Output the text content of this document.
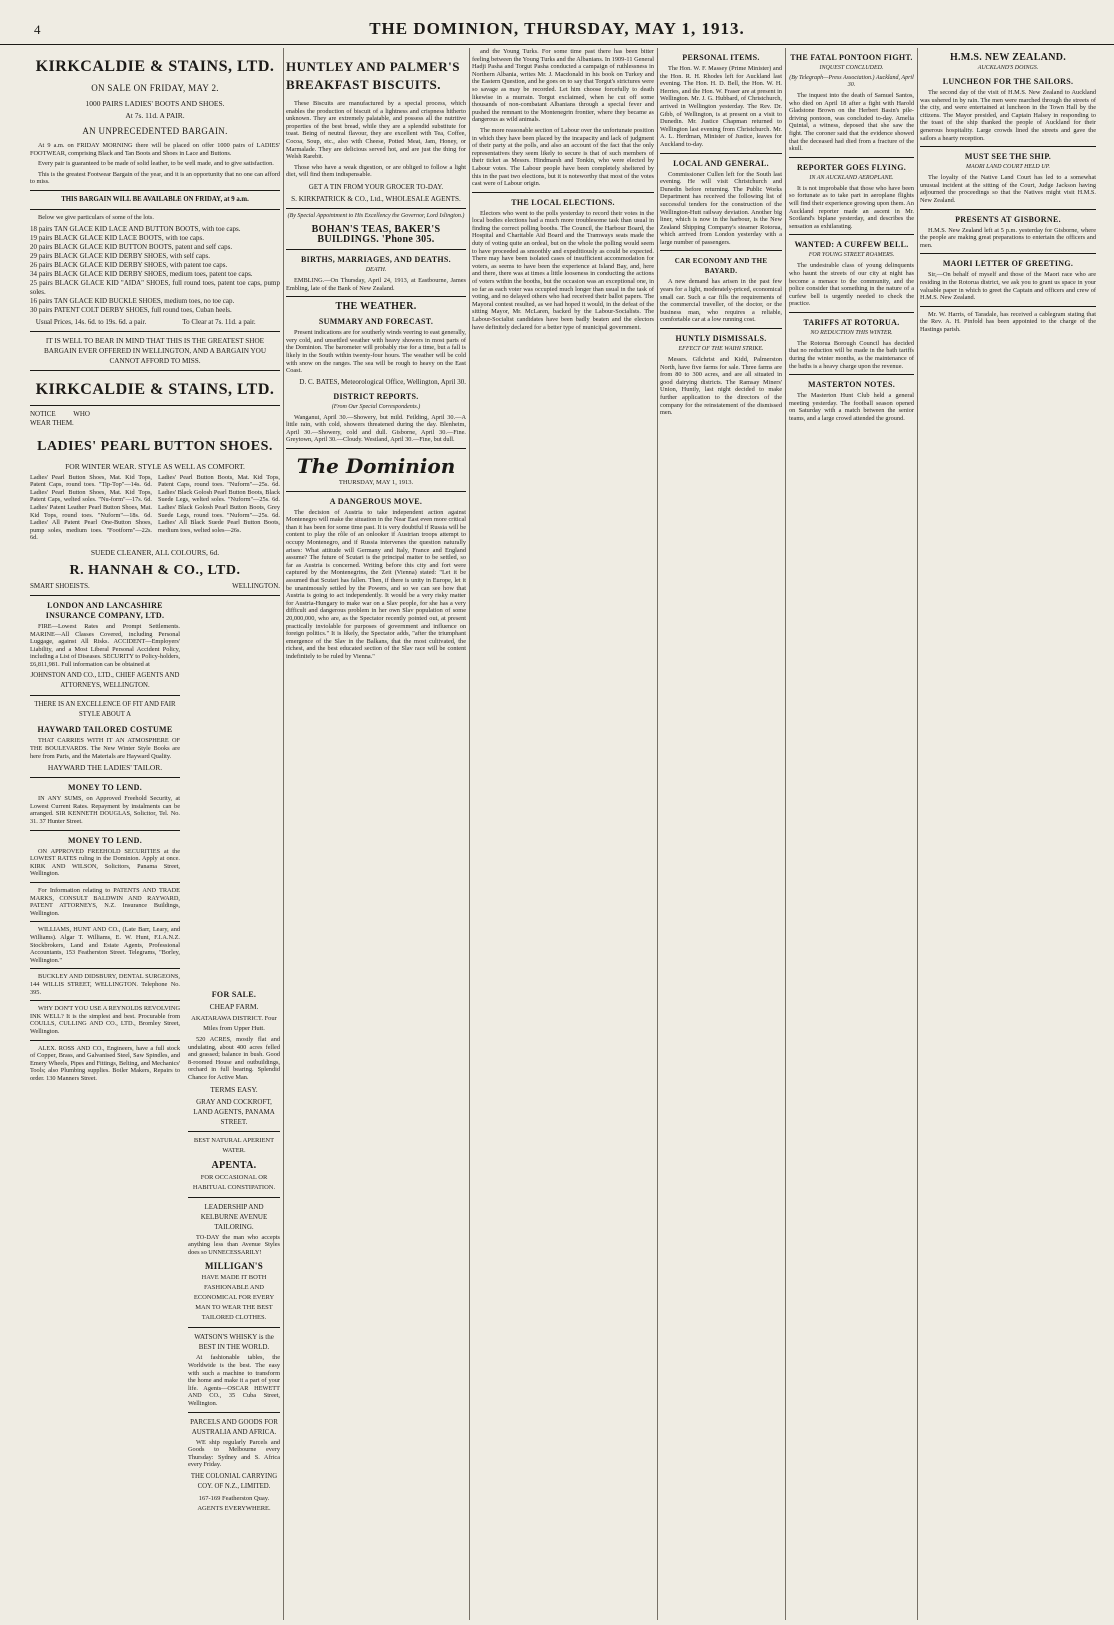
4	THE DOMINION, THURSDAY, MAY 1, 1913.
KIRKCALDIE & STAINS, LTD.
ON SALE ON FRIDAY, MAY 2.
1000 PAIRS LADIES' BOOTS AND SHOES.
At 7s. 11d. A PAIR.
AN UNPRECEDENTED BARGAIN.

At 9 a.m. on FRIDAY MORNING there will be placed on offer 1000 pairs of LADIES' FOOTWEAR, comprising Black and Tan Boots and Shoes in Lace and Buttons.

Every pair is guaranteed to be made of solid leather, to be well made, and to give satisfaction.

This is the greatest Footwear Bargain of the year, and it is an opportunity that no one can afford to miss.

THIS BARGAIN WILL BE AVAILABLE ON FRIDAY, at 9 a.m.

Below we give particulars of some of the lots.

18 pairs TAN GLACE KID LACE AND BUTTON BOOTS, with toe caps.
19 pairs BLACK GLACE KID LACE BOOTS, with toe caps.
20 pairs BLACK GLACE KID BUTTON BOOTS, patent and self caps.
29 pairs BLACK GLACE KID DERBY SHOES, with self caps.
26 pairs BLACK GLACE KID DERBY SHOES, with patent toe caps.
34 pairs BLACK GLACE KID DERBY SHOES, medium toes, patent toe caps.
25 pairs BLACK GLACE KID "AIDA" SHOES, full round toes, patent toe caps, pump soles.
16 pairs TAN GLACE KID BUCKLE SHOES, medium toes, no toe cap.
30 pairs PATENT COLT DERBY SHOES, full round toes, Cuban heels.
Usual Prices, 14s. 6d. to 19s. 6d. a pair.	To Clear at 7s. 11d. a pair.
IT IS WELL TO BEAR IN MIND THAT THIS IS THE GREATEST SHOE BARGAIN EVER OFFERED IN WELLINGTON, AND A BARGAIN YOU CANNOT AFFORD TO MISS.
KIRKCALDIE & STAINS, LTD.
NOTICE WHO WEAR THEM.
LADIES' PEARL BUTTON SHOES.
FOR WINTER WEAR. STYLE AS WELL AS COMFORT.
Ladies' Pearl Button Shoes, Mat. Kid Tops, Patent Caps, round toes. "Tip-Top"—14s. 6d. Ladies' Pearl Button Shoes, Mat. Kid Tops, Patent Caps, welted soles. "Nu-form"—17s. 6d. Ladies' Patent Leather Pearl Button Shoes, Mat. Kid Tops, round toes. "Nuform"—18s. 6d. Ladies' All Patent Pearl One-Button Shoes, pump soles, medium toes. "Footform"—22s. 6d.
Ladies' Pearl Button Boots, Mat. Kid Tops, Patent Caps, round toes. "Nuform"—25s. 6d. Ladies' Black Golosh Pearl Button Boots, Black Suede Legs, welted soles. "Nuform"—25s. 6d. Ladies' Black Golosh Pearl Button Boots, Grey Suede Legs, round toes. "Nuform"—25s. 6d. Ladies' All Black Suede Pearl Button Boots, medium toes, welted soles—26s.
SUEDE CLEANER, ALL COLOURS, 6d.
R. HANNAH & CO., LTD.
SMART SHOEISTS.	WELLINGTON.
LONDON AND LANCASHIRE INSURANCE COMPANY, LTD.

FIRE—Lowest Rates and Prompt Settlements. MARINE—All Classes Covered, including Personal Luggage, against All Risks. ACCIDENT—Employers' Liability, and a Most Liberal Personal Accident Policy, including a List of Diseases. SECURITY to Policy-holders, £6,811,981. Full information can be obtained at

JOHNSTON AND CO., LTD., CHIEF AGENTS AND ATTORNEYS, WELLINGTON.
THERE IS AN EXCELLENCE OF FIT AND FAIR STYLE ABOUT A
HAYWARD TAILORED COSTUME

THAT CARRIES WITH IT AN ATMOSPHERE OF THE BOULEVARDS. The New Winter Style Books are here from Paris, and the Materials are Hayward Quality.

HAYWARD THE LADIES' TAILOR.
MONEY TO LEND.

IN ANY SUMS, on Approved Freehold Security, at Lowest Current Rates. Repayment by instalments can be arranged. SIR KENNETH DOUGLAS, Solicitor, Tel. No. 31. 37 Hunter Street.

MONEY TO LEND.

ON APPROVED FREEHOLD SECURITIES at the LOWEST RATES ruling in the Dominion. Apply at once. KIRK AND WILSON, Solicitors, Panama Street, Wellington.

For Information relating to PATENTS AND TRADE MARKS, CONSULT BALDWIN AND RAYWARD, PATENT ATTORNEYS, N.Z. Insurance Buildings, Wellington.

WILLIAMS, HUNT AND CO., (Late Barr, Leary, and Williams). Algar T. Williams, E. W. Hunt, F.I.A.N.Z. Stockbrokers, Land and Estate Agents, Professional Accountants, 153 Featherston Street. Telegrams, "Borley, Wellington."

BUCKLEY AND DIDSBURY, DENTAL SURGEONS, 144 WILLIS STREET, WELLINGTON. Telephone No. 395.

WHY DON'T YOU USE A REYNOLDS REVOLVING INK WELL? It is the simplest and best. Procurable from COULLS, CULLING AND CO., LTD., Bromley Street, Wellington.

ALEX. ROSS AND CO., Engineers, have a full stock of Copper, Brass, and Galvanised Steel, Saw Spindles, and Emery Wheels, Pipes and Fittings, Belting, and Mechanics' Tools; also Plumbing supplies. Boiler Makers, Repairs to order. 130 Manners Street.

FOR SALE.
CHEAP FARM.
AKATARAWA DISTRICT. Four Miles from Upper Hutt.

520 ACRES, mostly flat and undulating, about 400 acres felled and grassed; balance in bush. Good 8-roomed House and outbuildings, orchard in full bearing. Splendid Chance for Active Man.

TERMS EASY.
GRAY AND COCKROFT, LAND AGENTS, PANAMA STREET.
BEST NATURAL APERIENT WATER.
APENTA.
FOR OCCASIONAL OR HABITUAL CONSTIPATION.
LEADERSHIP AND KELBURNE AVENUE TAILORING.

TO-DAY the man who accepts anything less than Avenue Styles does so UNNECESSARILY!

MILLIGAN'S
HAVE MADE IT BOTH FASHIONABLE AND ECONOMICAL FOR EVERY MAN TO WEAR THE BEST TAILORED CLOTHES.
WATSON'S WHISKY is the BEST IN THE WORLD.

At fashionable tables, the Worldwide is the best. The easy with such a machine to transform the home and make it a part of your life. Agents—OSCAR HEWETT AND CO., 35 Cuba Street, Wellington.

PARCELS AND GOODS FOR AUSTRALIA AND AFRICA.

WE ship regularly Parcels and Goods to Melbourne every Thursday: Sydney and S. Africa every Friday.

THE COLONIAL CARRYING COY. OF N.Z., LIMITED.
167-169 Featherston Quay. AGENTS EVERYWHERE.
HUNTLEY AND PALMER'S BREAKFAST BISCUITS.

These Biscuits are manufactured by a special process, which enables the production of biscuit of a lightness and crispness hitherto unknown. They are extremely palatable, and possess all the nutritive properties of the best bread, while they are a splendid substitute for toast. Being of neutral flavour, they are excellent with Tea, Coffee, Cocoa, Soup, etc., also with Cheese, Potted Meat, Jam, Honey, or Marmalade. They are delicious served hot, and are just the thing for Welsh Rarebit.

Those who have a weak digestion, or are obliged to follow a light diet, will find them indispensable.

GET A TIN FROM YOUR GROCER TO-DAY.
S. KIRKPATRICK & CO., Ltd., WHOLESALE AGENTS.
(By Special Appointment to His Excellency the Governor, Lord Islington.)
BOHAN'S TEAS, BAKER'S BUILDINGS. 'Phone 305.
BIRTHS, MARRIAGES, AND DEATHS.
DEATH.

EMBLING.—On Thursday, April 24, 1913, at Eastbourne, James Embling, late of the Bank of New Zealand.

THE WEATHER.
SUMMARY AND FORECAST.

Present indications are for southerly winds veering to east generally, very cold, and unsettled weather with heavy showers in most parts of the Dominion. The barometer will probably rise for a time, but a fall is likely in the South within twenty-four hours. The weather will be cold with snow on the ranges. The sea will be rough to heavy on the East Coast.

D. C. BATES, Meteorological Office, Wellington, April 30.
DISTRICT REPORTS.
(From Our Special Correspondents.)

Wanganui, April 30.—Showery, but mild. Feilding, April 30.—A little rain, with cold, showers threatened during the day. Blenheim, April 30.—Showery, cold and dull. Gisborne, April 30.—Fine. Greytown, April 30.—Cloudy. Westland, April 30.—Fine, but dull.

The Dominion
THURSDAY, MAY 1, 1913.
A DANGEROUS MOVE.

The decision of Austria to take independent action against Montenegro will make the situation in the Near East even more critical than it has been for some time past. It is very doubtful if Russia will be content to play the rôle of an onlooker if Austrian troops attempt to occupy Montenegro, and if Russia intervenes the question naturally arises: What attitude will Germany and Italy, France and England assume? The future of Scutari is the principal matter to be settled, so far as Austria is concerned. Writing before this city and fort were captured by the Montenegrins, the Zeit (Vienna) stated: "Let it be assumed that Scutari has fallen. Then, if there is unity in Europe, let it be unanimously settled by the Powers, and so we can see how that Austria is going to act independently. It would be a very risky matter for Austria-Hungary to make war on a Slav people, for she has a very difficult and dangerous problem in her own Slav population of some 20,000,000, who are, as the Spectator recently pointed out, at present practically inviolable for purposes of government and influence on foreign politics." It is likely, the Spectator adds, "after the triumphant emergence of the Slav in the Balkans, that the most cultivated, the richest, and the best educated section of the Slav race will be content indefinitely to be ruled by Vienna."

and the Young Turks. For some time past there has been bitter feeling between the Young Turks and the Albanians. In 1909-11 General Hadji Pasha and Torgut Pasha conducted a campaign of ruthlessness in Northern Albania, writes Mr. J. Macdonald in his book on Turkey and the Eastern Question, and he goes on to say that Torgut's strictures were so savage as may be recorded. Let him choose forcefully to death likewise in a murrain. Torgut exclaimed, when he cut off some thousands of non-combatant Albanians through a special fever and pushed the remnant to the Montenegrin frontier, where they became as dangerous as wild animals.

The more reasonable section of Labour over the unfortunate position in which they have been placed by the incapacity and lack of judgment of their party at the polls, and also an account of the fact that the only representatives they seem likely to secure is that of such members of their ticket as Messrs. Hindmarsh and Tonkin, who were elected by Labour votes. The Labour people have been completely sheltered by this in the past two elections, but it is noteworthy that most of the votes cast were of Labour origin.

THE LOCAL ELECTIONS.

Electors who went to the polls yesterday to record their votes in the local bodies elections had a much more troublesome task than usual in finding the correct polling booths. The Council, the Harbour Board, the Hospital and Charitable Aid Board and the Tramways seats made the duty of voting quite an ordeal, but on the whole the polling would seem to have proceeded as smoothly and expeditiously as could be expected. There may have been isolated cases of insufficient accommodation for voters, as seems to have been the experience at Island Bay, and, here and there, there was at times a little looseness in conducting the actions of voters within the booths, but the occasion was an exceptional one, in so far as each voter was occupied much longer than usual in the task of voting, and no delayed others who had received their ballot papers. The Mayoral contest resulted, as we had hoped it would, in the defeat of the sitting Mayor, Mr. McLaren, backed by the Labour-Socialists. The Labour-Socialist candidates have been badly beaten and the electors have definitely declared for a better type of municipal government.

PERSONAL ITEMS.

The Hon. W. F. Massey (Prime Minister) and the Hon. R. H. Rhodes left for Auckland last evening. The Hon. H. D. Bell, the Hon. W. H. Herries, and the Hon. W. Fraser are at present in Wellington. Mr. J. G. Hubbard, of Christchurch, arrived in Wellington yesterday. The Rev. Dr. Gibb, of Wellington, is at present on a visit to Dunedin. Mr. Justice Chapman returned to Wellington last evening from Christchurch. Mr. A. L. Herdman, Minister of Justice, leaves for Auckland to-day.

LOCAL AND GENERAL.

Commissioner Cullen left for the South last evening. He will visit Christchurch and Dunedin before returning. The Public Works Department has received the following list of successful tenders for the construction of the Wellington-Hutt railway deviation. Another big liner, which is now in the harbour, is the New Zealand Shipping Company's steamer Rotorua, which arrived from London yesterday with a large number of passengers.

CAR ECONOMY AND THE BAYARD.

A new demand has arisen in the past few years for a light, moderately-priced, economical small car. Such a car fills the requirements of the commercial traveller, of the doctor, or the business man, who requires a reliable, comfortable car at a low running cost.

HUNTLY DISMISSALS.
EFFECT OF THE WAIHI STRIKE.

Messrs. Gilchrist and Kidd, Palmerston North, have five farms for sale. Three farms are from 80 to 300 acres, and are all situated in good dairying districts. The Ramsay Miners' Union, Huntly, last night decided to make further application to the directors of the company for the reinstatement of the dismissed men.

THE FATAL PONTOON FIGHT.
INQUEST CONCLUDED.
(By Telegraph—Press Association.) Auckland, April 30.

The inquest into the death of Samuel Santos, who died on April 18 after a fight with Harold Gladstone Brown on the Herbert Basin's pile-driving pontoon, was concluded to-day. Amelia Quintal, a witness, deposed that she saw the fight. The coroner said that the evidence showed that the deceased had died from a fracture of the skull.

REPORTER GOES FLYING.
IN AN AUCKLAND AEROPLANE.

It is not improbable that those who have been so fortunate as to take part in aeroplane flights will find their experience growing upon them. An Auckland reporter made an ascent in Mr. Scotland's biplane yesterday, and describes the sensation as exhilarating.

WANTED: A CURFEW BELL.
FOR YOUNG STREET ROAMERS.

The undesirable class of young delinquents who haunt the streets of our city at night has become a menace to the community, and the police consider that something in the nature of a curfew bell is urgently needed to check the practice.

TARIFFS AT ROTORUA.
NO REDUCTION THIS WINTER.

The Rotorua Borough Council has decided that no reduction will be made in the bath tariffs during the winter months, as the maintenance of the baths is a heavy charge upon the revenue.

MASTERTON NOTES.

The Masterton Hunt Club held a general meeting yesterday. The football season opened on Saturday with a match between the senior teams, and a large crowd attended the ground.

H.M.S. NEW ZEALAND.
AUCKLAND'S DOINGS.
LUNCHEON FOR THE SAILORS.

The second day of the visit of H.M.S. New Zealand to Auckland was ushered in by rain. The men were marched through the streets of the city, and were entertained at luncheon in the Town Hall by the citizens. The Mayor presided, and Captain Halsey in responding to the toast of the ship thanked the people of Auckland for their generous hospitality. Large crowds lined the streets and gave the sailors a hearty reception.

MUST SEE THE SHIP.
MAORI LAND COURT HELD UP.

The loyalty of the Native Land Court has led to a somewhat unusual incident at the sitting of the Court, Judge Jackson having adjourned the proceedings so that the Natives might visit H.M.S. New Zealand.

PRESENTS AT GISBORNE.

H.M.S. New Zealand left at 5 p.m. yesterday for Gisborne, where the people are making great preparations to entertain the officers and men.

MAORI LETTER OF GREETING.

Sir,—On behalf of myself and those of the Maori race who are residing in the Rotorua district, we ask you to grant us space in your valuable paper in which to greet the Captain and officers and crew of H.M.S. New Zealand.

Mr. W. Harris, of Taradale, has received a cablegram stating that the Rev. A. H. Pinfold has been appointed to the charge of the Hastings parish.
